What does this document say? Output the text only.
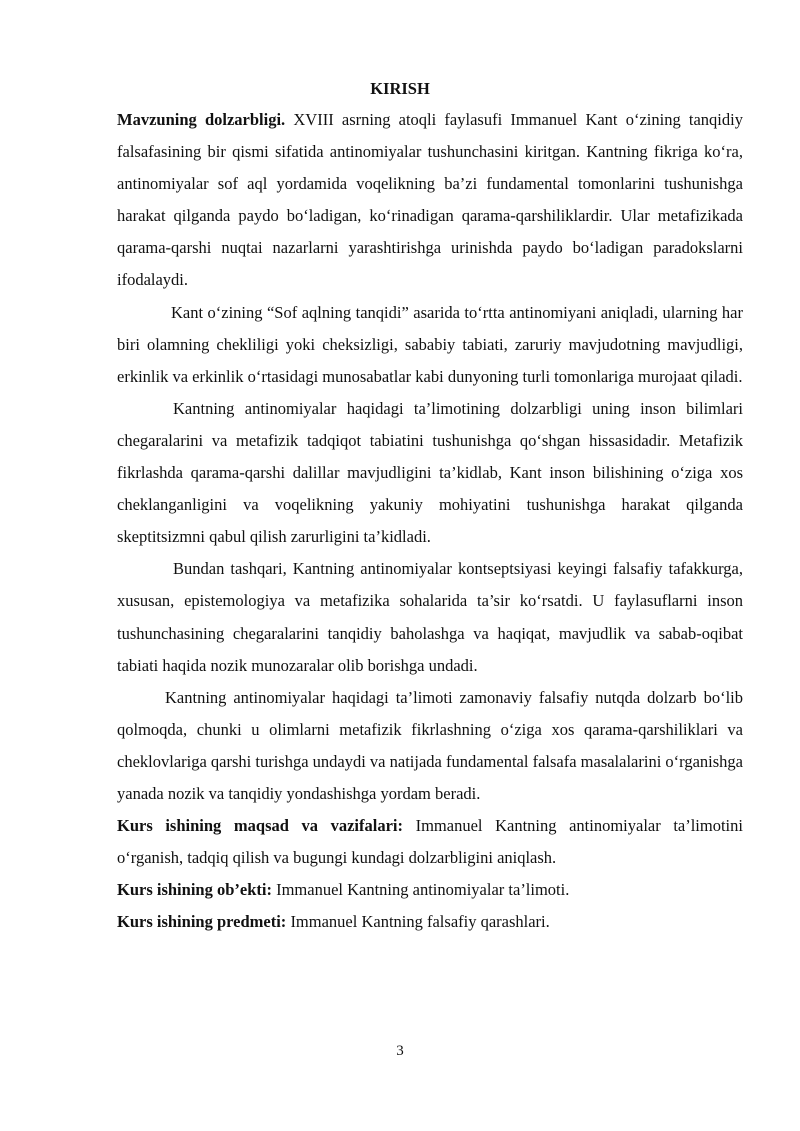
KIRISH

Mavzuning dolzarbligi. XVIII asrning atoqli faylasufi Immanuel Kant o‘zining tanqidiy falsafasining bir qismi sifatida antinomiyalar tushunchasini kiritgan. Kantning fikriga ko‘ra, antinomiyalar sof aql yordamida voqelikning ba’zi fundamental tomonlarini tushunishga harakat qilganda paydo bo‘ladigan, ko‘rinadigan qarama-qarshiliklardir. Ular metafizikada qarama-qarshi nuqtai nazarlarni yarashtirishga urinishda paydo bo‘ladigan paradokslarni ifodalaydi.

Kant o‘zining “Sof aqlning tanqidi” asarida to‘rtta antinomiyani aniqladi, ularning har biri olamning chekliligi yoki cheksizligi, sababiy tabiati, zaruriy mavjudotning mavjudligi, erkinlik va erkinlik o‘rtasidagi munosabatlar kabi dunyoning turli tomonlariga murojaat qiladi.

Kantning antinomiyalar haqidagi ta’limotining dolzarbligi uning inson bilimlari chegaralarini va metafizik tadqiqot tabiatini tushunishga qo‘shgan hissasidadir. Metafizik fikrlashda qarama-qarshi dalillar mavjudligini ta’kidlab, Kant inson bilishining o‘ziga xos cheklanganligini va voqelikning yakuniy mohiyatini tushunishga harakat qilganda skeptitsizmni qabul qilish zarurligini ta’kidladi.

Bundan tashqari, Kantning antinomiyalar kontseptsiyasi keyingi falsafiy tafakkurga, xususan, epistemologiya va metafizika sohalarida ta’sir ko‘rsatdi. U faylasuflarni inson tushunchasining chegaralarini tanqidiy baholashga va haqiqat, mavjudlik va sabab-oqibat tabiati haqida nozik munozaralar olib borishga undadi.

Kantning antinomiyalar haqidagi ta’limoti zamonaviy falsafiy nutqda dolzarb bo‘lib qolmoqda, chunki u olimlarni metafizik fikrlashning o‘ziga xos qarama-qarshiliklari va cheklovlariga qarshi turishga undaydi va natijada fundamental falsafa masalalarini o‘rganishga yanada nozik va tanqidiy yondashishga yordam beradi.

Kurs ishining maqsad va vazifalari: Immanuel Kantning antinomiyalar ta’limotini o‘rganish, tadqiq qilish va bugungi kundagi dolzarbligini aniqlash.

Kurs ishining ob’ekti: Immanuel Kantning antinomiyalar ta’limoti.

Kurs ishining predmeti: Immanuel Kantning falsafiy qarashlari.

3
